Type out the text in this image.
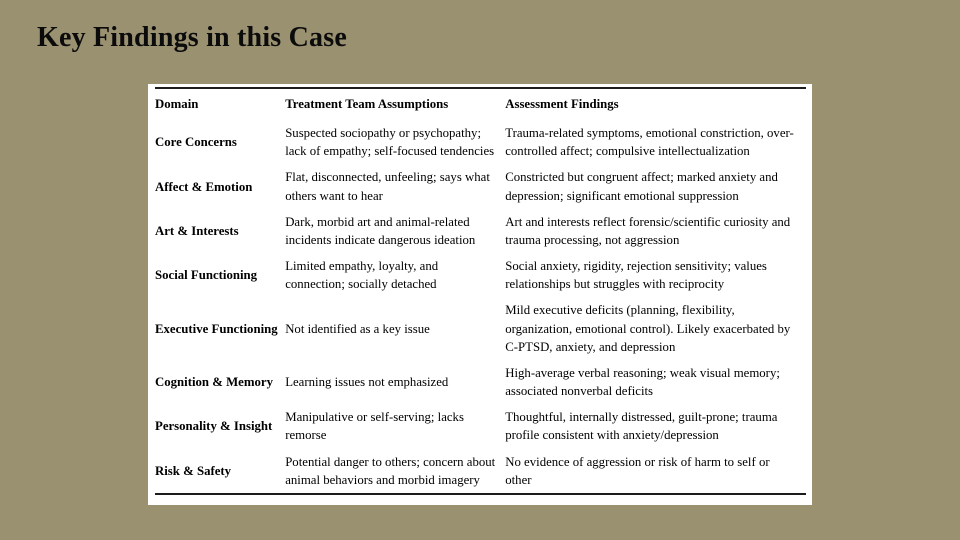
Key Findings in this Case
Domain	Treatment Team Assumptions	Assessment Findings
Core Concerns	Suspected sociopathy or psychopathy; lack of empathy; self-focused tendencies	Trauma-related symptoms, emotional constriction, over-controlled affect; compulsive intellectualization
Affect & Emotion	Flat, disconnected, unfeeling; says what others want to hear	Constricted but congruent affect; marked anxiety and depression; significant emotional suppression
Art & Interests	Dark, morbid art and animal-related incidents indicate dangerous ideation	Art and interests reflect forensic/scientific curiosity and trauma processing, not aggression
Social Functioning	Limited empathy, loyalty, and connection; socially detached	Social anxiety, rigidity, rejection sensitivity; values relationships but struggles with reciprocity
Executive Functioning	Not identified as a key issue	Mild executive deficits (planning, flexibility, organization, emotional control). Likely exacerbated by C-PTSD, anxiety, and depression
Cognition & Memory	Learning issues not emphasized	High-average verbal reasoning; weak visual memory; associated nonverbal deficits
Personality & Insight	Manipulative or self-serving; lacks remorse	Thoughtful, internally distressed, guilt-prone; trauma profile consistent with anxiety/depression
Risk & Safety	Potential danger to others; concern about animal behaviors and morbid imagery	No evidence of aggression or risk of harm to self or other
